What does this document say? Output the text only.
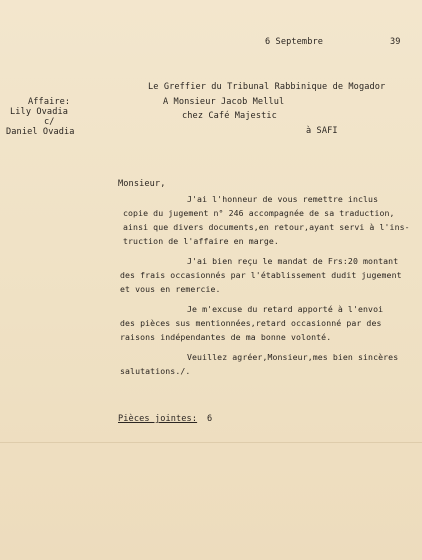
6 Septembre	39
Le Greffier du Tribunal Rabbinique de Mogador
Affaire:
Lily Ovadia
c/
Daniel Ovadia
A Monsieur Jacob Mellul
chez Café Majestic
à SAFI
Monsieur,
J'ai l'honneur de vous remettre inclus
copie du jugement n° 246 accompagnée de sa traduction,
ainsi que divers documents,en retour,ayant servi à l'ins-
truction de l'affaire en marge.
J'ai bien reçu le mandat de Frs:20 montant
des frais occasionnés par l'établissement dudit jugement
et vous en remercie.
Je m'excuse du retard apporté à l'envoi
des pièces sus mentionnées,retard occasionné par des
raisons indépendantes de ma bonne volonté.
Veuillez agréer,Monsieur,mes bien sincères
salutations./.
Pièces jointes: 6
